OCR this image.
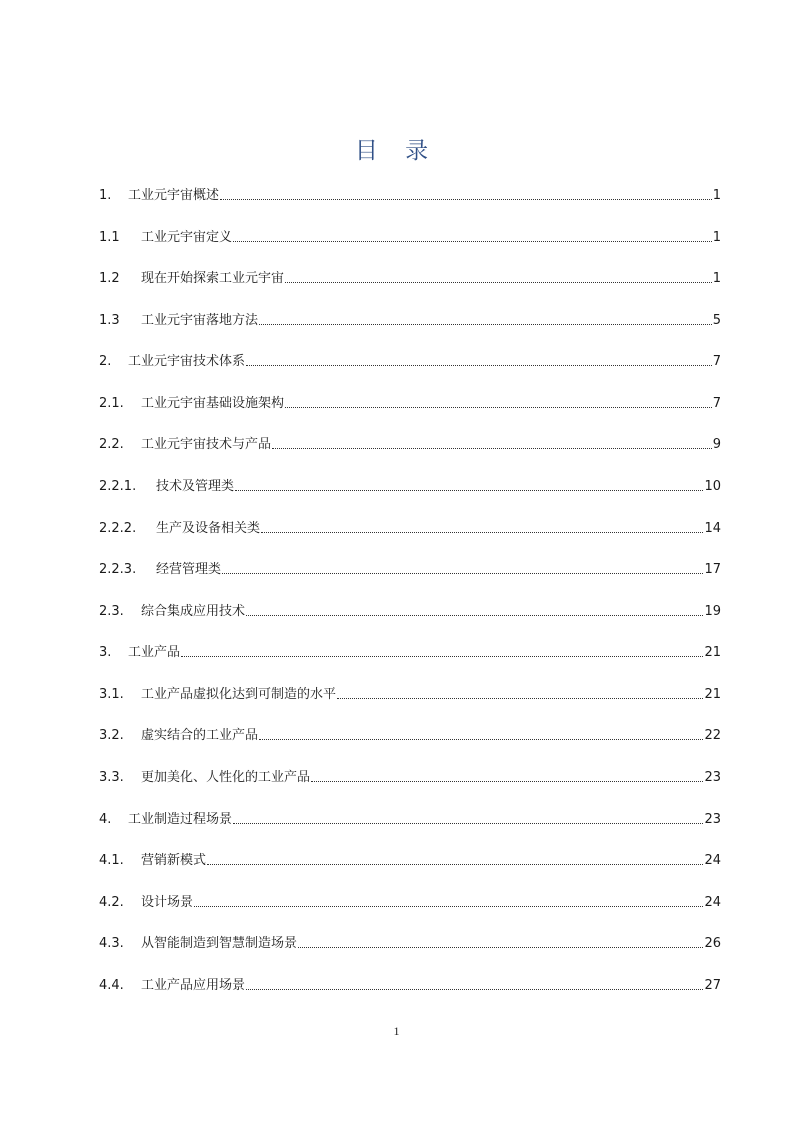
目 录
1.	工业元宇宙概述	1
1.1	工业元宇宙定义	1
1.2	现在开始探索工业元宇宙	1
1.3	工业元宇宙落地方法	5
2.	工业元宇宙技术体系	7
2.1.	工业元宇宙基础设施架构	7
2.2.	工业元宇宙技术与产品	9
2.2.1.	技术及管理类	10
2.2.2.	生产及设备相关类	14
2.2.3.	经营管理类	17
2.3.	综合集成应用技术	19
3.	工业产品	21
3.1.	工业产品虚拟化达到可制造的水平	21
3.2.	虚实结合的工业产品	22
3.3.	更加美化、人性化的工业产品	23
4.	工业制造过程场景	23
4.1.	营销新模式	24
4.2.	设计场景	24
4.3.	从智能制造到智慧制造场景	26
4.4.	工业产品应用场景	27
1
